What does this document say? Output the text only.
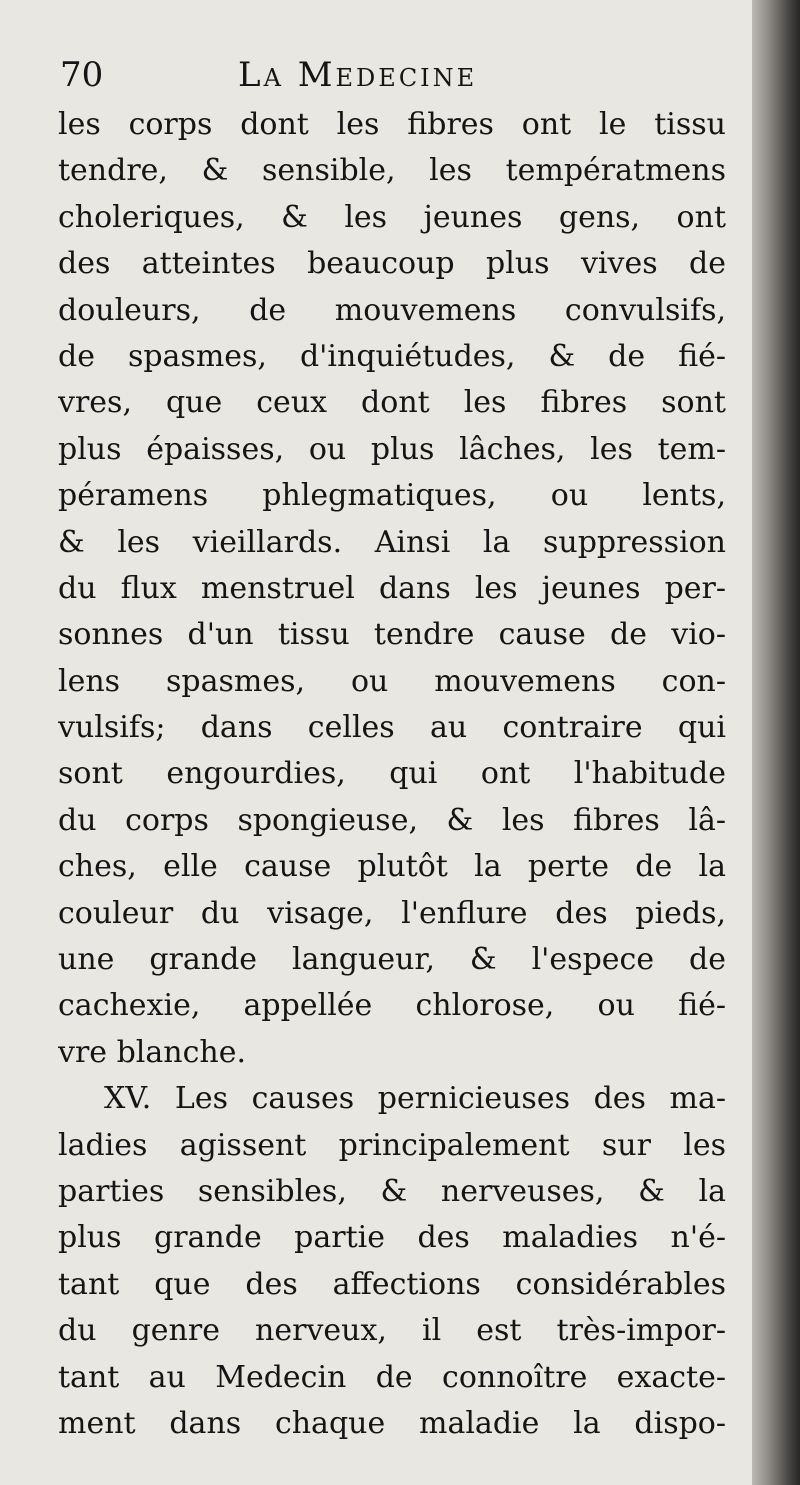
70	La Medecine
les corps dont les fibres ont le tissu
tendre, & sensible, les températmens
choleriques, & les jeunes gens, ont
des atteintes beaucoup plus vives de
douleurs, de mouvemens convulsifs,
de spasmes, d'inquiétudes, & de fié-
vres, que ceux dont les fibres sont
plus épaisses, ou plus lâches, les tem-
péramens phlegmatiques, ou lents,
& les vieillards. Ainsi la suppression
du flux menstruel dans les jeunes per-
sonnes d'un tissu tendre cause de vio-
lens spasmes, ou mouvemens con-
vulsifs; dans celles au contraire qui
sont engourdies, qui ont l'habitude
du corps spongieuse, & les fibres lâ-
ches, elle cause plutôt la perte de la
couleur du visage, l'enflure des pieds,
une grande langueur, & l'espece de
cachexie, appellée chlorose, ou fié-
vre blanche.
XV. Les causes pernicieuses des ma-
ladies agissent principalement sur les
parties sensibles, & nerveuses, & la
plus grande partie des maladies n'é-
tant que des affections considérables
du genre nerveux, il est très-impor-
tant au Medecin de connoître exacte-
ment dans chaque maladie la dispo-
